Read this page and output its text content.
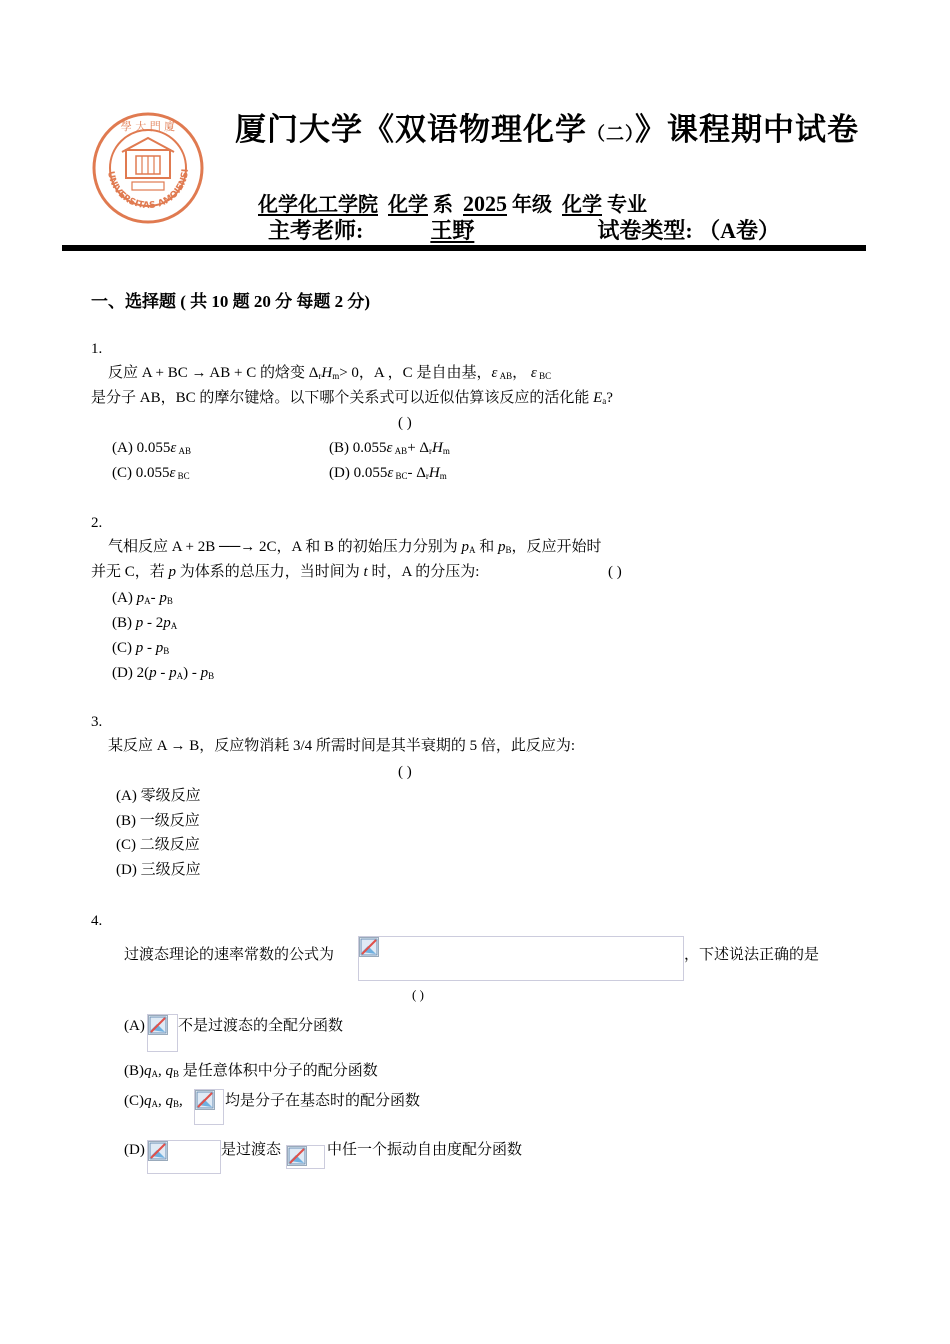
UNIVERSITAS AMOIENSI
學 大 門 廈 厦门大学《双语物理化学（二）》课程期中试卷
化学化工学院 化学 系 2025 年级 化学 专业
主考老师:	王野	试卷类型: （A卷）
一、选择题 ( 共 10 题 20 分 每题 2 分)
1.
反应 A + BC → AB + C 的焓变 $\Delta_rH_m> 0$，A ，C 是自由基，ε $_{AB}$， ε $_{BC}$
是分子 AB，BC 的摩尔键焓。以下哪个关系式可以近似估算该反应的活化能 $E_a$?
( )
(A) 0.055ε $_{AB}$	(B) 0.055ε $_{AB}+ \Delta_rH_m$
(C) 0.055ε $_{BC}$	(D) 0.055ε $_{BC}$- $\Delta_rH_m$
2.
气相反应 A + 2B ──→ 2C，A 和 B 的初始压力分别为 $p_A$ 和 $p_B$，反应开始时
并无 C，若 p 为体系的总压力，当时间为 t 时，A 的分压为:	( )
(A) $p_A-$ $p_B$
(B) p - $2p_A$
(C) p - $p_B$
(D) $2(p - p_A) - p_B$
3.
某反应 A → B，反应物消耗 3/4 所需时间是其半衰期的 5 倍，此反应为:
( )
(A) 零级反应
(B) 一级反应
(C) 二级反应
(D) 三级反应
4.
过渡态理论的速率常数的公式为	，下述说法正确的是
( )
(A) 不是过渡态的全配分函数
$(B)q_A$, $q_B$ 是任意体积中分子的配分函数
$(C)q_A$, $q_B$,	均是分子在基态时的配分函数
(D)	是过渡态	中任一个振动自由度配分函数
